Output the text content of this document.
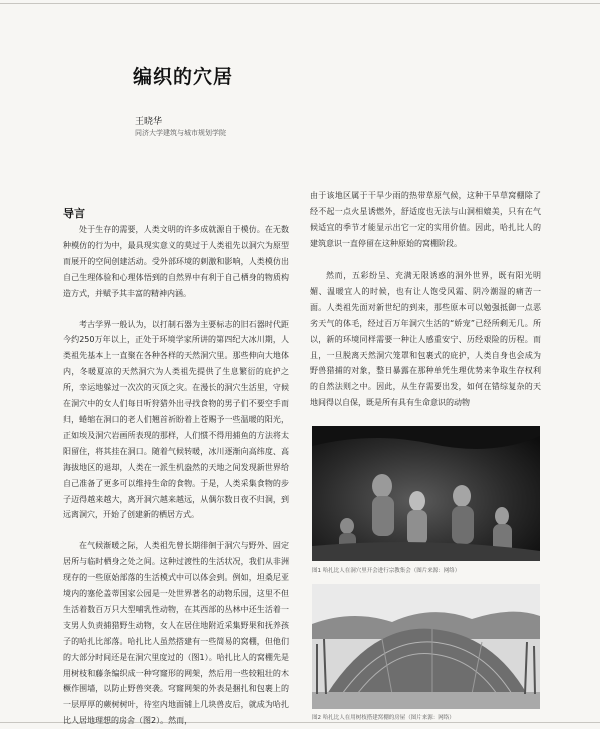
编织的穴居
王晓华
同济大学建筑与城市规划学院
导言

处于生存的需要，人类文明的许多成就源自于模仿。在无数种模仿的行为中，最具现实意义的莫过于人类祖先以洞穴为原型而展开的空间创建活动。受外部环境的刺激和影响，人类模仿出自己生理体验和心理体悟到的自然界中有利于自己栖身的物质构造方式，并赋予其丰富的精神内涵。

考古学界一般认为，以打制石器为主要标志的旧石器时代距今约250万年以上，正处于环境学家所讲的第四纪大冰川期，人类祖先基本上一直聚在各种各样的天然洞穴里。那些伸向大地体内，冬暖夏凉的天然洞穴为人类祖先提供了生息繁衍的庇护之所，幸运地躲过一次次的灭顶之灾。在漫长的洞穴生活里，守候在洞穴中的女人们每日听狩猎外出寻找食物的男子们不要空手而归，蜷缩在洞口的老人们翘首祈盼着上苍赐予一些温暖的阳光，正如埃及洞穴岩画所表现的那样，人们惯不得用捕鱼的方法将太阳留住，将其挂在洞口。随着气候转暖，冰川逐渐向高纬度、高海拔地区的退却，人类在一派生机盎然的天地之间发现新世界给自己准备了更多可以维持生命的食物。于是，人类采集食物的步子迈得越来越大，离开洞穴越来越远，从偶尔数日夜不归洞，到远离洞穴，开始了创建新的栖居方式。

在气候渐暖之际，人类祖先曾长期徘徊于洞穴与野外、固定居所与临时栖身之处之间。这种过渡性的生活状况，我们从非洲现存的一些原始部落的生活模式中可以体会到。例如，坦桑尼亚境内的塞伦盖蒂国家公园是一处世界著名的动物乐园，这里不但生活着数百万只大型哺乳性动物，在其西部的丛林中还生活着一支男人负责捕猎野生动物，女人在居住地附近采集野果和抚养孩子的哈扎比部落。哈扎比人虽然搭建有一些简易的窝棚，但他们的大部分时间还是在洞穴里度过的（图1）。哈扎比人的窝棚先是用树枝和藤条编织成一种穹窿形的网架，然后用一些较粗壮的木橛作围墙，以防止野兽突袭。穹窿网架的外表是捆扎和包裹上的一层厚厚的蕨树树叶，待室内地面铺上几块兽皮后，就成为哈扎比人居地理想的房舍（图2）。然而，

由于该地区属于干旱少雨的热带草原气候，这种干旱草窝棚除了经不起一点火星诱燃外，舒适度也无法与山洞相媲美，只有在气候适宜的季节才能显示出它一定的实用价值。因此，哈扎比人的建筑意识一直停留在这种原始的窝棚阶段。

然而，五彩纷呈、充满无限诱惑的洞外世界，既有阳光明媚、温暖宜人的时候，也有让人饱受风霜、阴冷潮湿的痛苦一面。人类祖先面对新世纪的到来，那些原本可以勉强抵御一点恶劣天气的体毛，经过百万年洞穴生活的“娇宠”已经所剩无几。所以，新的环境同样需要一种让人感重安宁、历经艰险的历程。而且，一旦脱离天然洞穴笼罩和包裹式的庇护，人类自身也会成为野兽猎捕的对象，整日暴露在那种单凭生理优势来争取生存权利的自然法则之中。因此，从生存需要出发，如何在错综复杂的天地间得以自保，既是所有具有生命意识的动物

图1 哈扎比人在洞穴里开会进行宗教集会（图片来源：网络）
图2 哈扎比人在用树枝搭建窝棚的房屋（图片来源：网络）
